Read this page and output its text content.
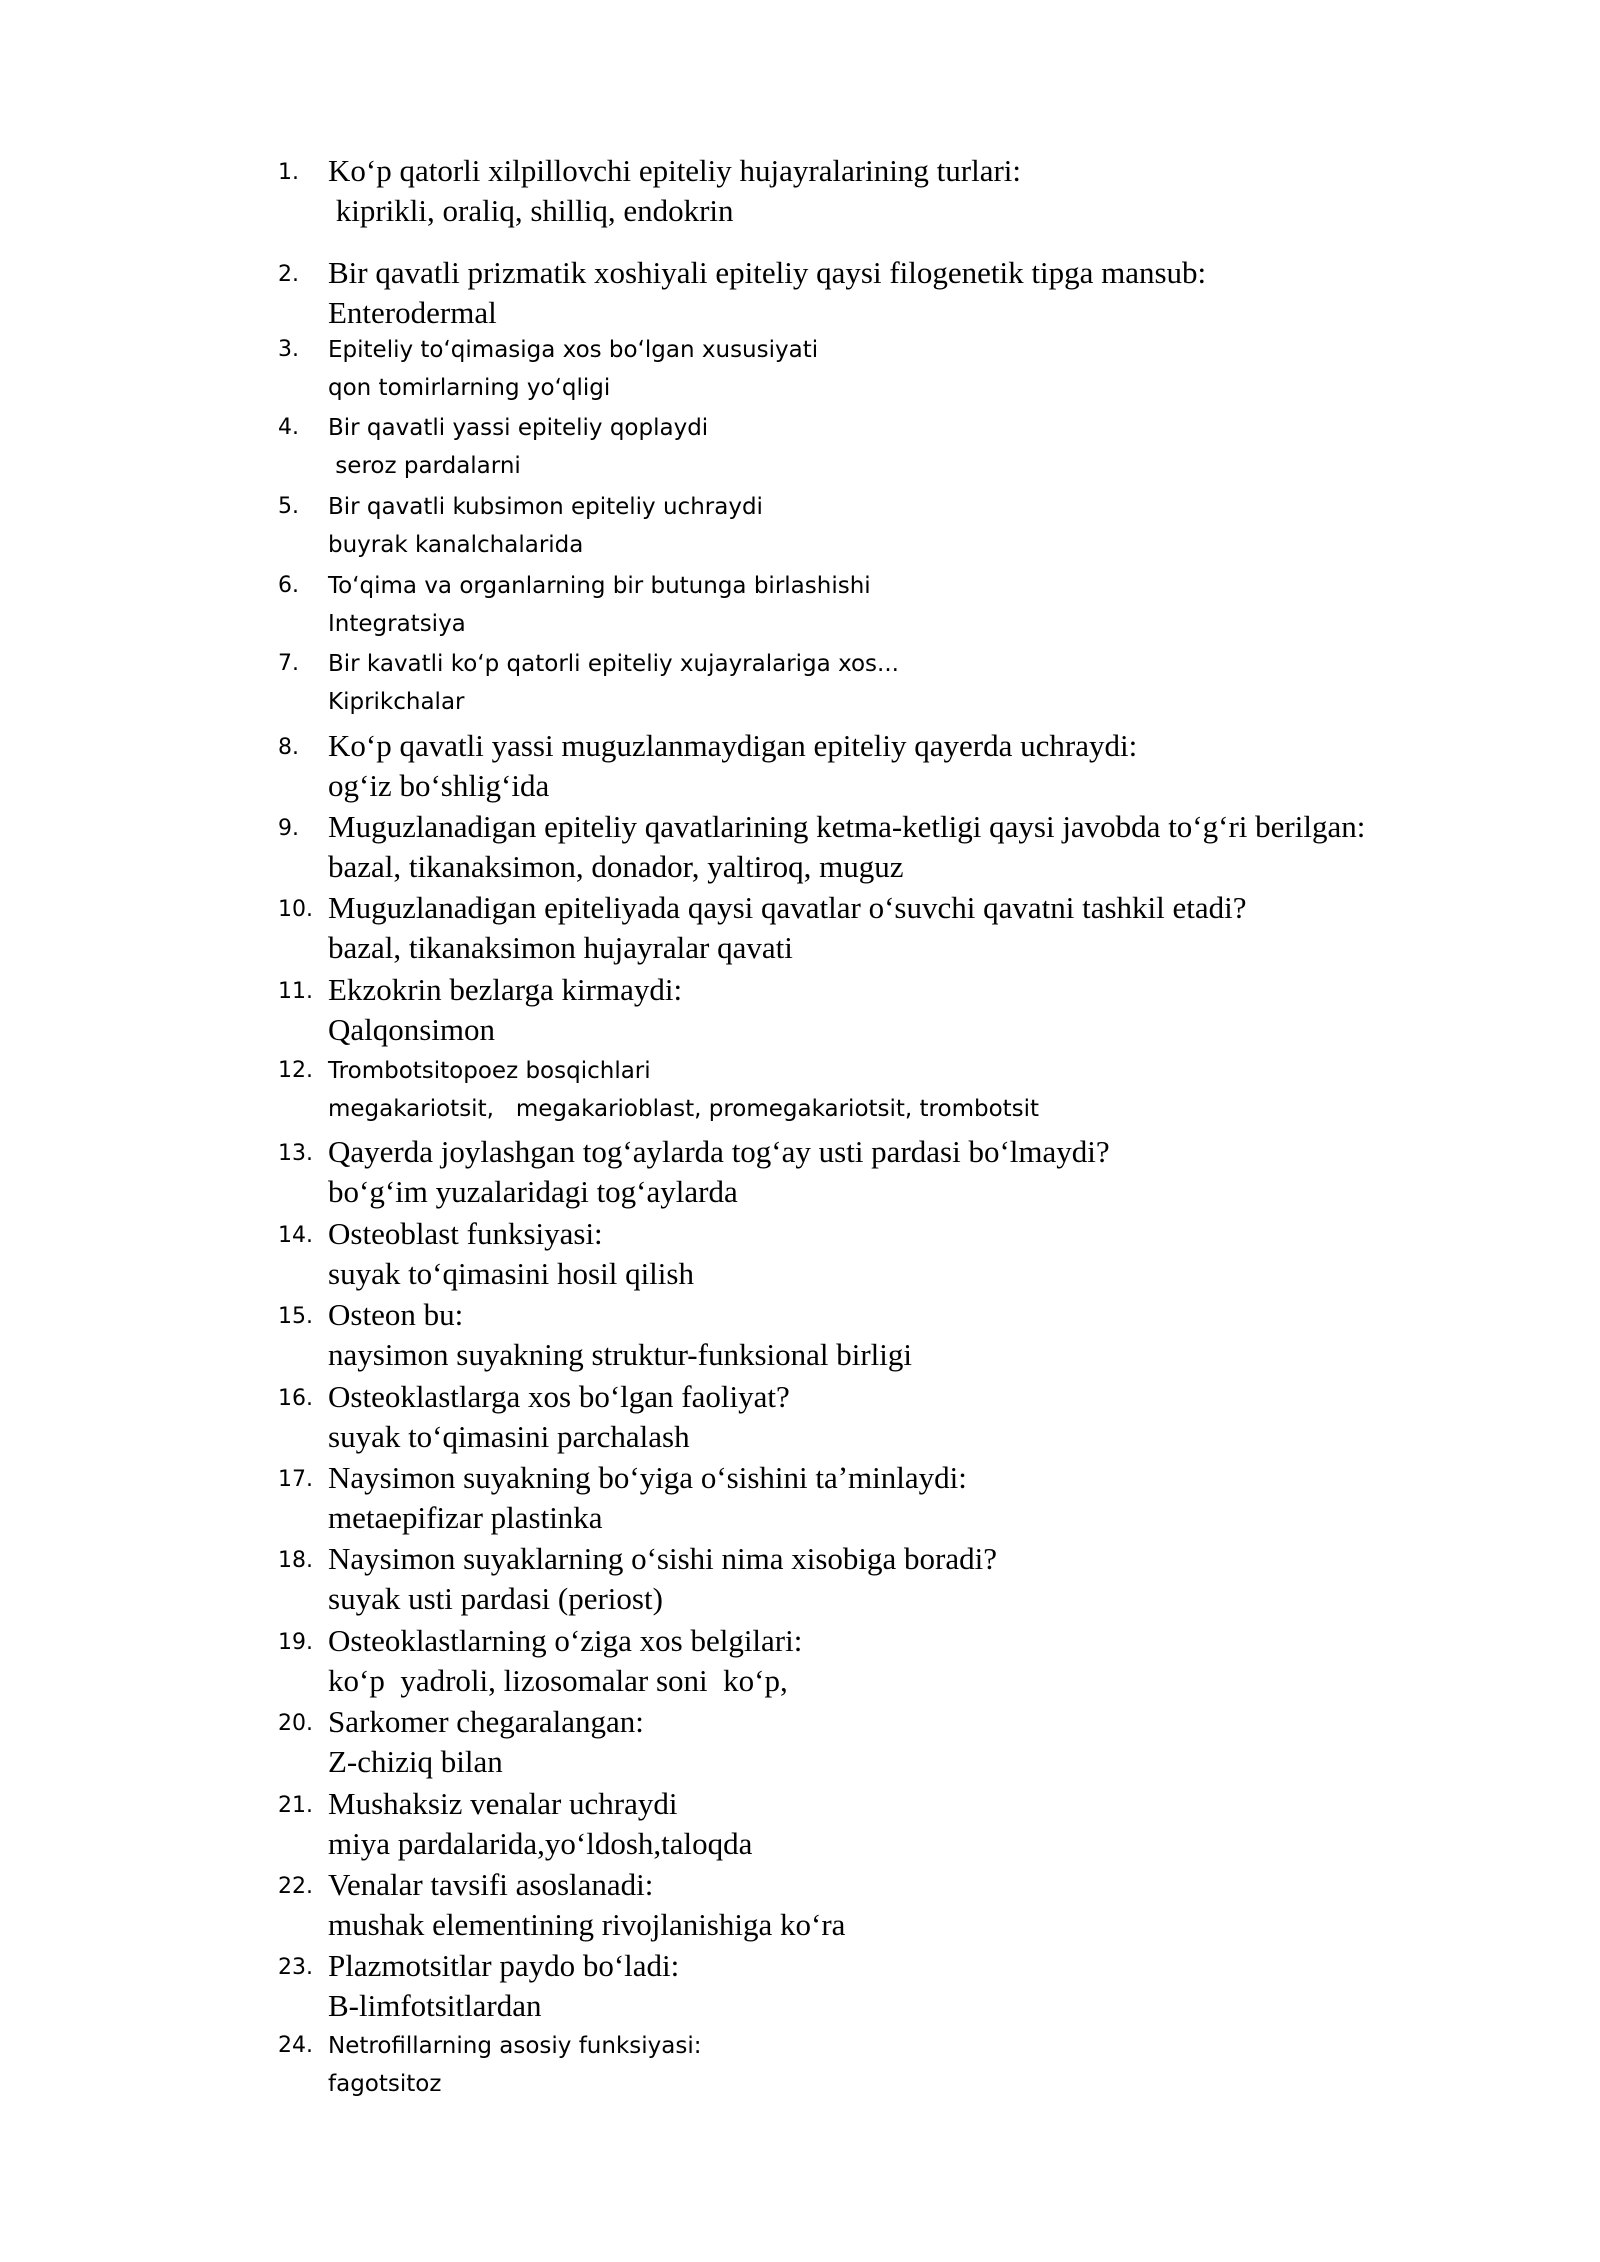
1. Koʻp qatorli xilpillovchi epiteliy hujayralarining turlari:
kiprikli, oraliq, shilliq, endokrin
2. Bir qavatli prizmatik xoshiyali epiteliy qaysi filogenetik tipga mansub:
Enterodermal
3.	Epiteliy toʻqimasiga xos boʻlgan xususiyati
qon tomirlarning yoʻqligi
4.	Bir qavatli yassi epiteliy qoplaydi
seroz pardalarni
5.	Bir qavatli kubsimon epiteliy uchraydi
buyrak kanalchalarida
6.	Toʻqima va organlarning bir butunga birlashishi
Integratsiya
7.	Bir kavatli koʻp qatorli epiteliy xujayralariga xos...
Kiprikchalar
8. Koʻp qavatli yassi muguzlanmaydigan epiteliy qayerda uchraydi:
ogʻiz boʻshligʻida
9. Muguzlanadigan epiteliy qavatlarining ketma-ketligi qaysi javobda toʻgʻri berilgan:
bazal, tikanaksimon, donador, yaltiroq, muguz
10. Muguzlanadigan epiteliyada qaysi qavatlar oʻsuvchi qavatni tashkil etadi?
bazal, tikanaksimon hujayralar qavati
11. Ekzokrin bezlarga kirmaydi:
Qalqonsimon
12. Trombotsitopoez bosqichlari
megakariotsit,   megakarioblast, promegakariotsit, trombotsit
13. Qayerda joylashgan togʻaylarda togʻay usti pardasi boʻlmaydi?
boʻgʻim yuzalaridagi togʻaylarda
14. Osteoblast funksiyasi:
suyak toʻqimasini hosil qilish
15. Osteon bu:
naysimon suyakning struktur-funksional birligi
16. Osteoklastlarga xos boʻlgan faoliyat?
suyak toʻqimasini parchalash
17. Naysimon suyakning boʻyiga oʻsishini taʼminlaydi:
metaepifizar plastinka
18. Naysimon suyaklarning oʻsishi nima xisobiga boradi?
suyak usti pardasi (periost)
19. Osteoklastlarning oʻziga xos belgilari:
koʻp  yadroli, lizosomalar soni  koʻp,
20. Sarkomer chegaralangan:
Z-chiziq bilan
21. Mushaksiz venalar uchraydi
miya pardalarida,yoʻldosh,taloqda
22. Venalar tavsifi asoslanadi:
mushak elementining rivojlanishiga koʻra
23. Plazmotsitlar paydo boʻladi:
B-limfotsitlardan
24. Netrofillarning asosiy funksiyasi:
fagotsitoz
